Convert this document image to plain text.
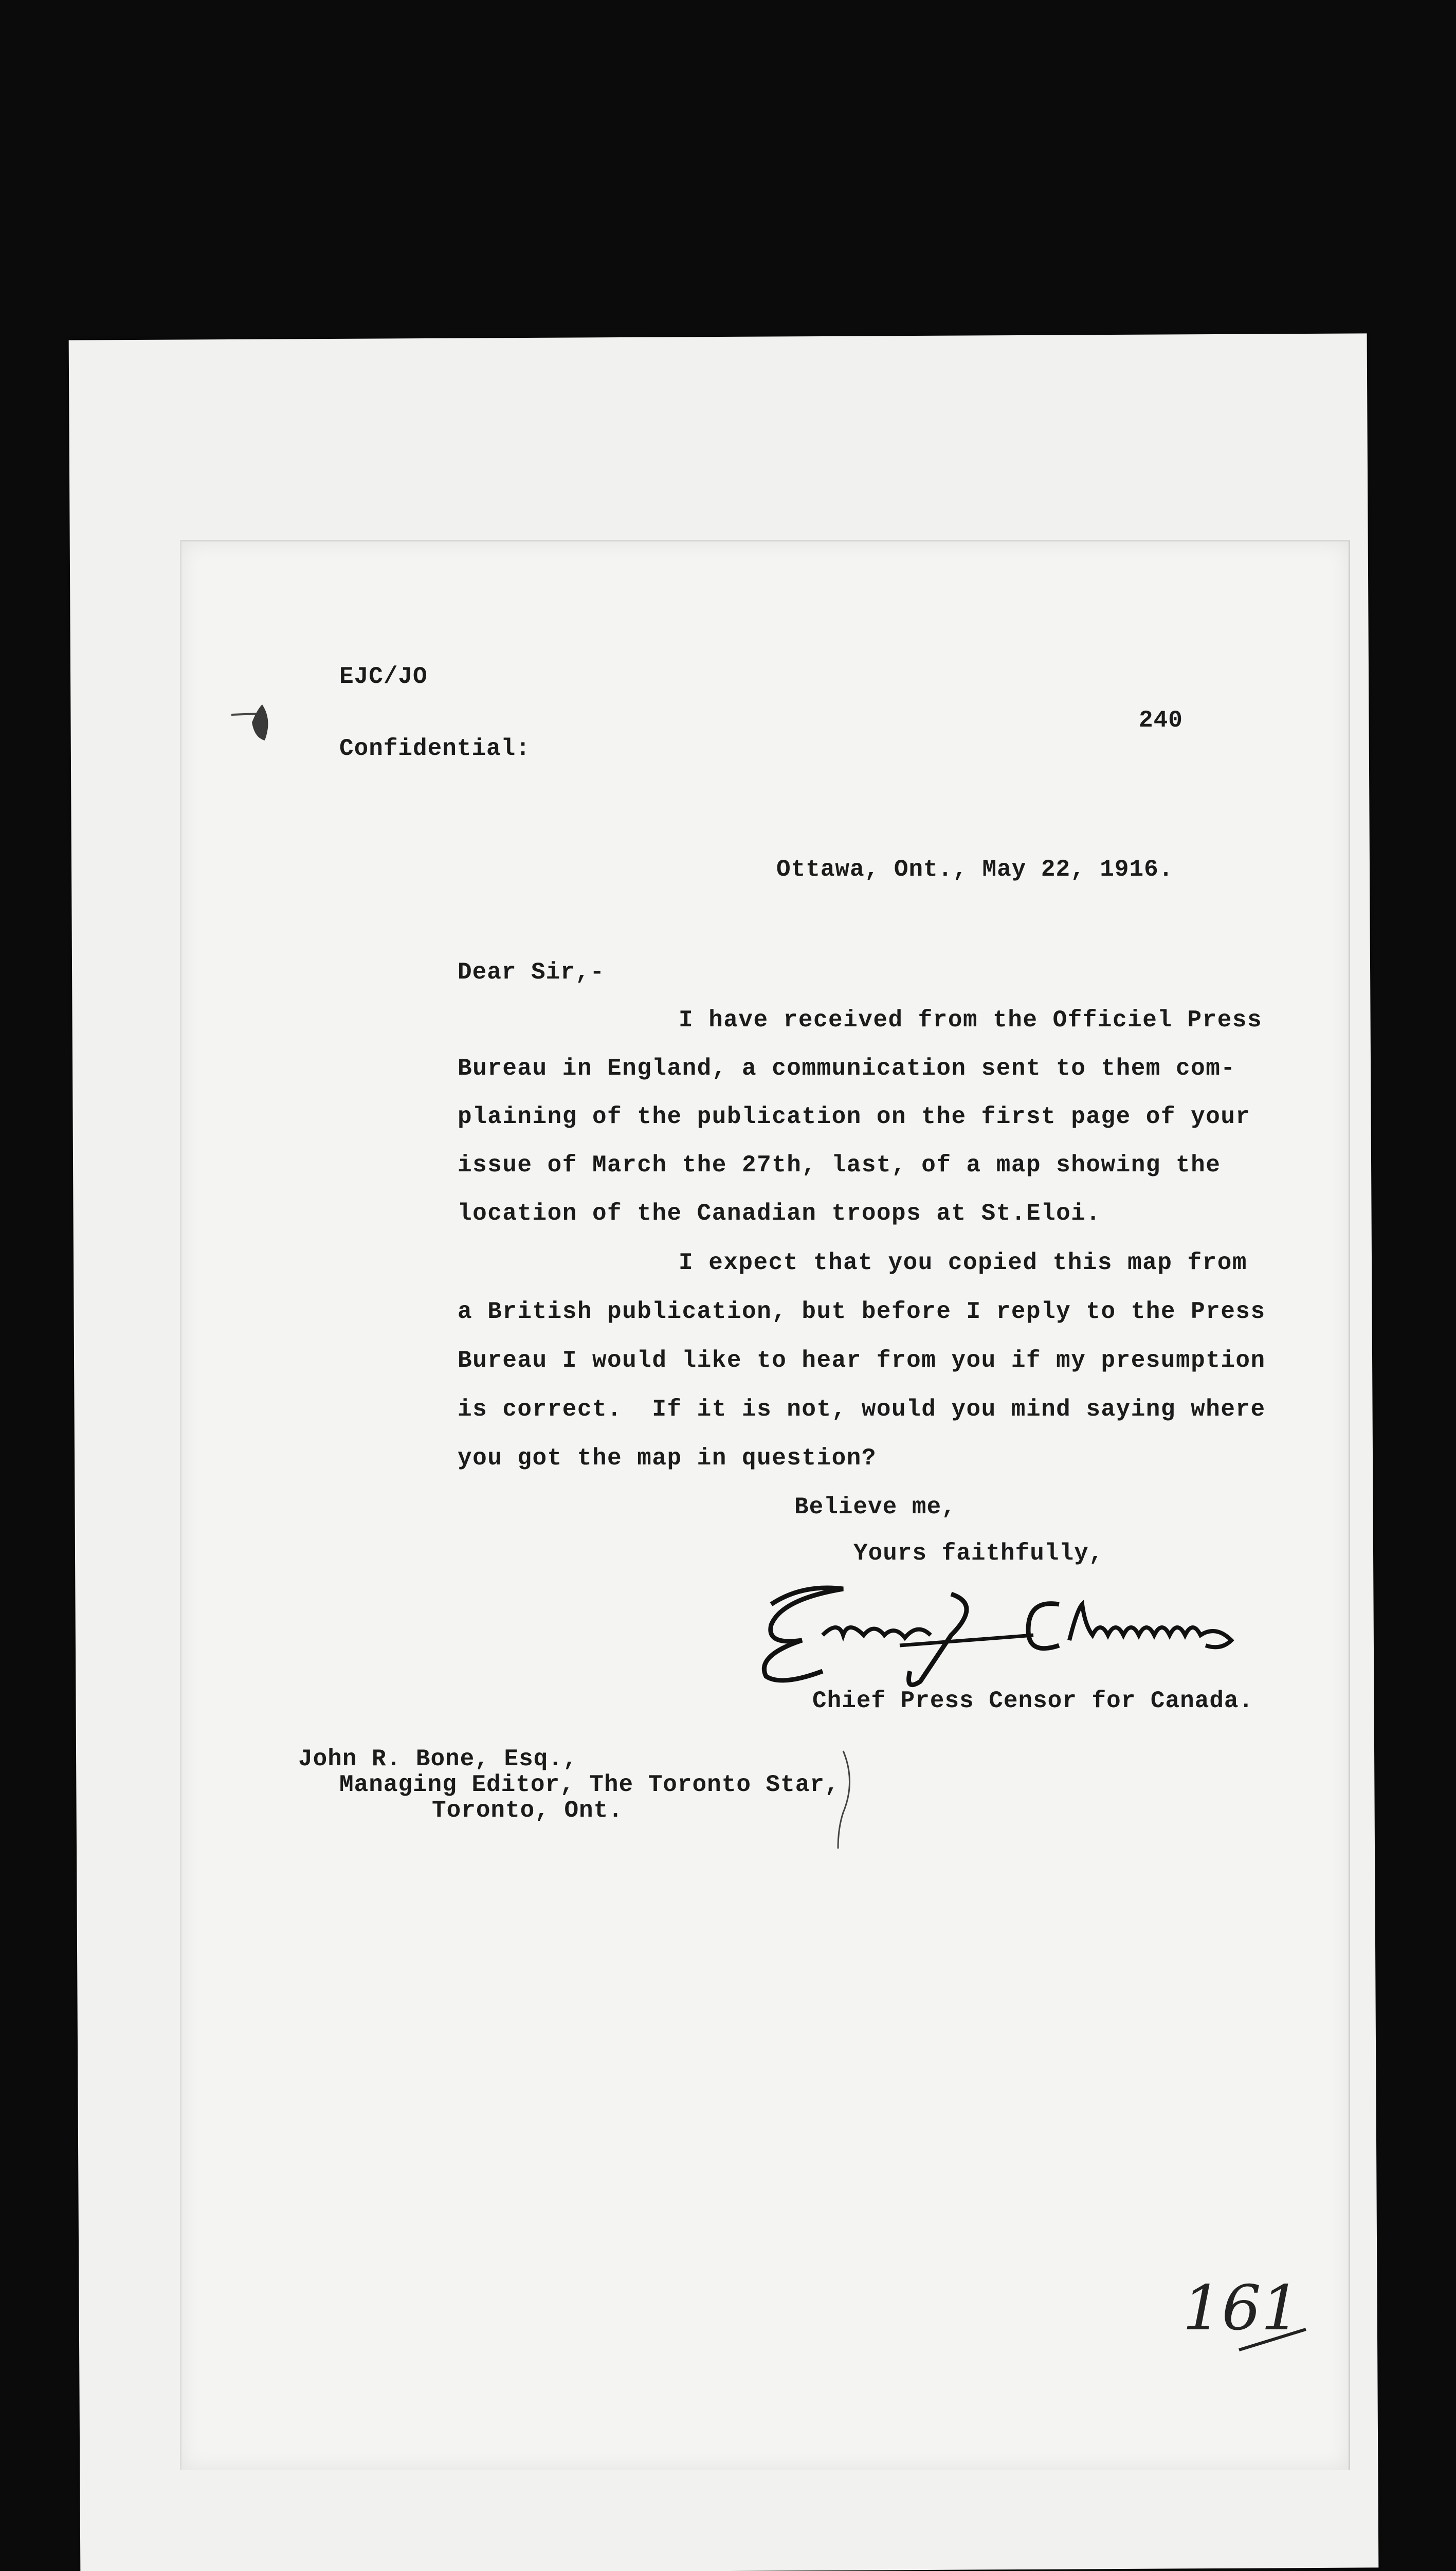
EJC/JO
Confidential:
240
Ottawa, Ont., May 22, 1916.
Dear Sir,-
I have received from the Officiel Press
Bureau in England, a communication sent to them com-
plaining of the publication on the first page of your
issue of March the 27th, last, of a map showing the
location of the Canadian troops at St.Eloi.
I expect that you copied this map from
a British publication, but before I reply to the Press
Bureau I would like to hear from you if my presumption
is correct.  If it is not, would you mind saying where
you got the map in question?
Believe me,
Yours faithfully,
Chief Press Censor for Canada.
John R. Bone, Esq.,
Managing Editor, The Toronto Star,
Toronto, Ont.
161
